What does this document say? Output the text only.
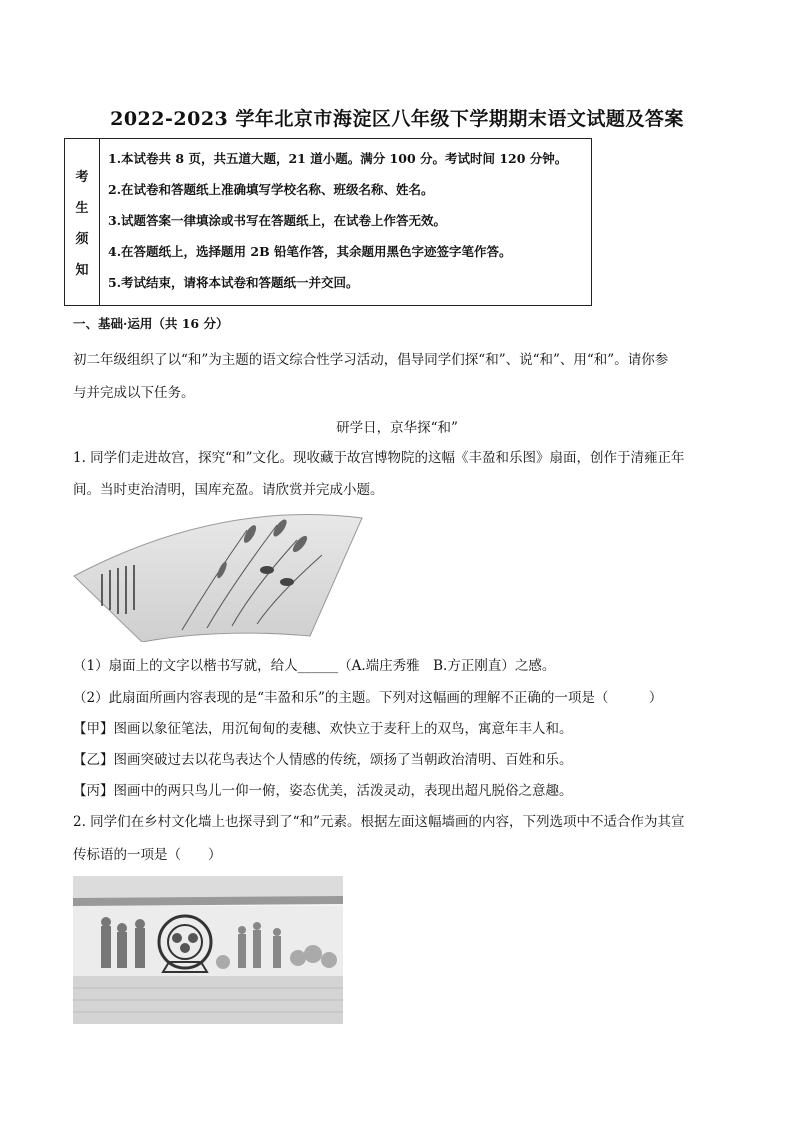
2022-2023 学年北京市海淀区八年级下学期期末语文试题及答案
考
生
须
知
1.本试卷共 8 页，共五道大题，21 道小题。满分 100 分。考试时间 120 分钟。
2.在试卷和答题纸上准确填写学校名称、班级名称、姓名。
3.试题答案一律填涂或书写在答题纸上，在试卷上作答无效。
4.在答题纸上，选择题用 2B 铅笔作答，其余题用黑色字迹签字笔作答。
5.考试结束，请将本试卷和答题纸一并交回。
一、基础·运用（共 16 分）
初二年级组织了以“和”为主题的语文综合性学习活动，倡导同学们探“和”、说“和”、用“和”。请你参
与并完成以下任务。
研学日，京华探“和”
1. 同学们走进故宫，探究“和”文化。现收藏于故宫博物院的这幅《丰盈和乐图》扇面，创作于清雍正年
间。当时吏治清明，国库充盈。请欣赏并完成小题。
（1）扇面上的文字以楷书写就，给人______（A.端庄秀雅　B.方正刚直）之感。
（2）此扇面所画内容表现的是“丰盈和乐”的主题。下列对这幅画的理解不正确的一项是（　　　）
【甲】图画以象征笔法，用沉甸甸的麦穗、欢快立于麦秆上的双鸟，寓意年丰人和。
【乙】图画突破过去以花鸟表达个人情感的传统，颂扬了当朝政治清明、百姓和乐。
【丙】图画中的两只鸟儿一仰一俯，姿态优美，活泼灵动，表现出超凡脱俗之意趣。
2. 同学们在乡村文化墙上也探寻到了“和”元素。根据左面这幅墙画的内容，下列选项中不适合作为其宣
传标语的一项是（　　）
